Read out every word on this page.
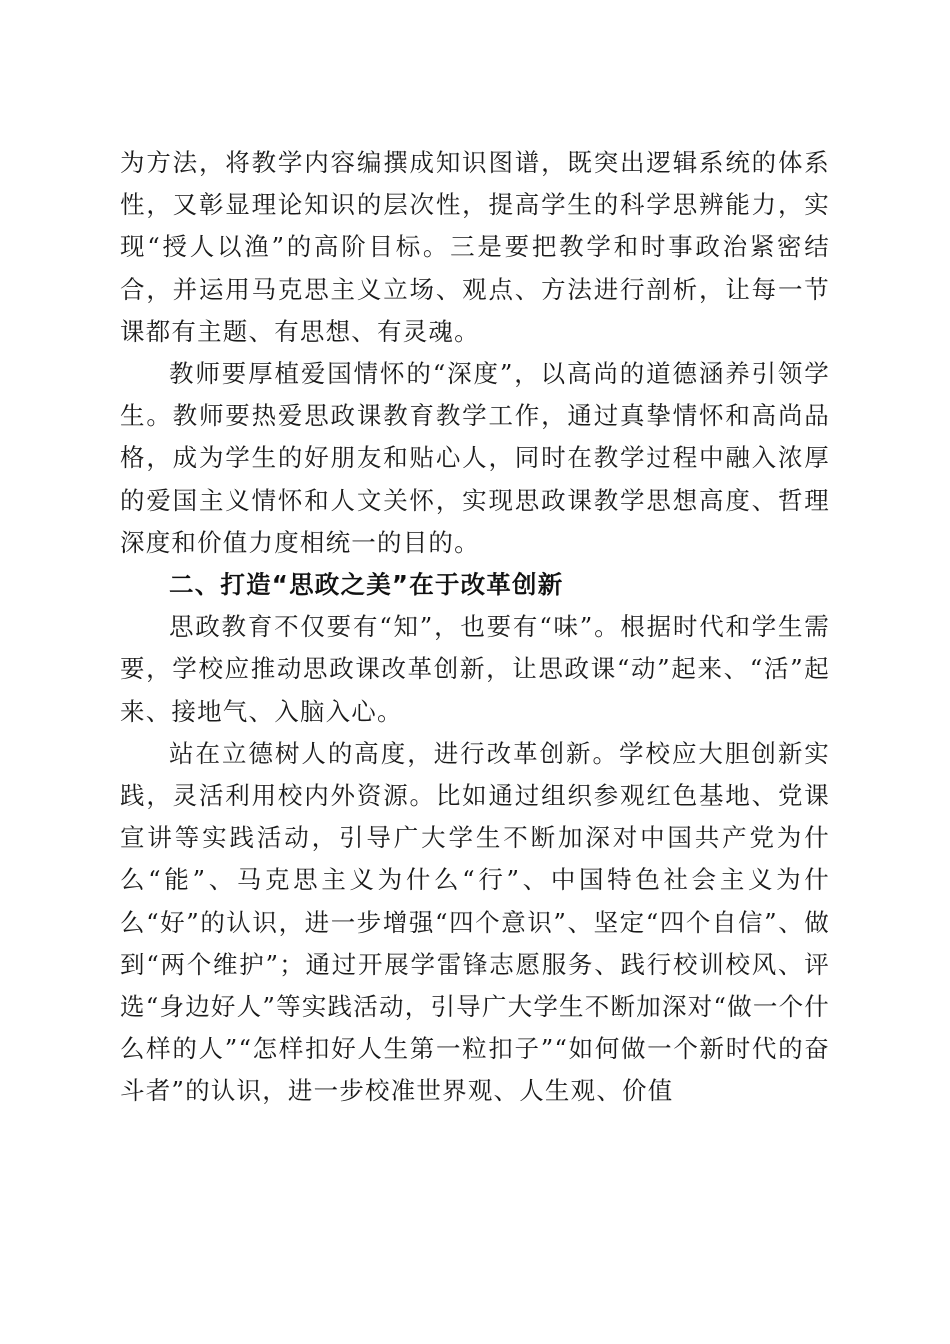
为方法，将教学内容编撰成知识图谱，既突出逻辑系统的体系性，又彰显理论知识的层次性，提高学生的科学思辨能力，实现“授人以渔”的高阶目标。三是要把教学和时事政治紧密结合，并运用马克思主义立场、观点、方法进行剖析，让每一节课都有主题、有思想、有灵魂。

教师要厚植爱国情怀的“深度”，以高尚的道德涵养引领学生。教师要热爱思政课教育教学工作，通过真挚情怀和高尚品格，成为学生的好朋友和贴心人，同时在教学过程中融入浓厚的爱国主义情怀和人文关怀，实现思政课教学思想高度、哲理深度和价值力度相统一的目的。

二、打造“思政之美”在于改革创新

思政教育不仅要有“知”，也要有“味”。根据时代和学生需要，学校应推动思政课改革创新，让思政课“动”起来、“活”起来、接地气、入脑入心。

站在立德树人的高度，进行改革创新。学校应大胆创新实践，灵活利用校内外资源。比如通过组织参观红色基地、党课宣讲等实践活动，引导广大学生不断加深对中国共产党为什么“能”、马克思主义为什么“行”、中国特色社会主义为什么“好”的认识，进一步增强“四个意识”、坚定“四个自信”、做到“两个维护”；通过开展学雷锋志愿服务、践行校训校风、评选“身边好人”等实践活动，引导广大学生不断加深对“做一个什么样的人”“怎样扣好人生第一粒扣子”“如何做一个新时代的奋斗者”的认识，进一步校准世界观、人生观、价值
